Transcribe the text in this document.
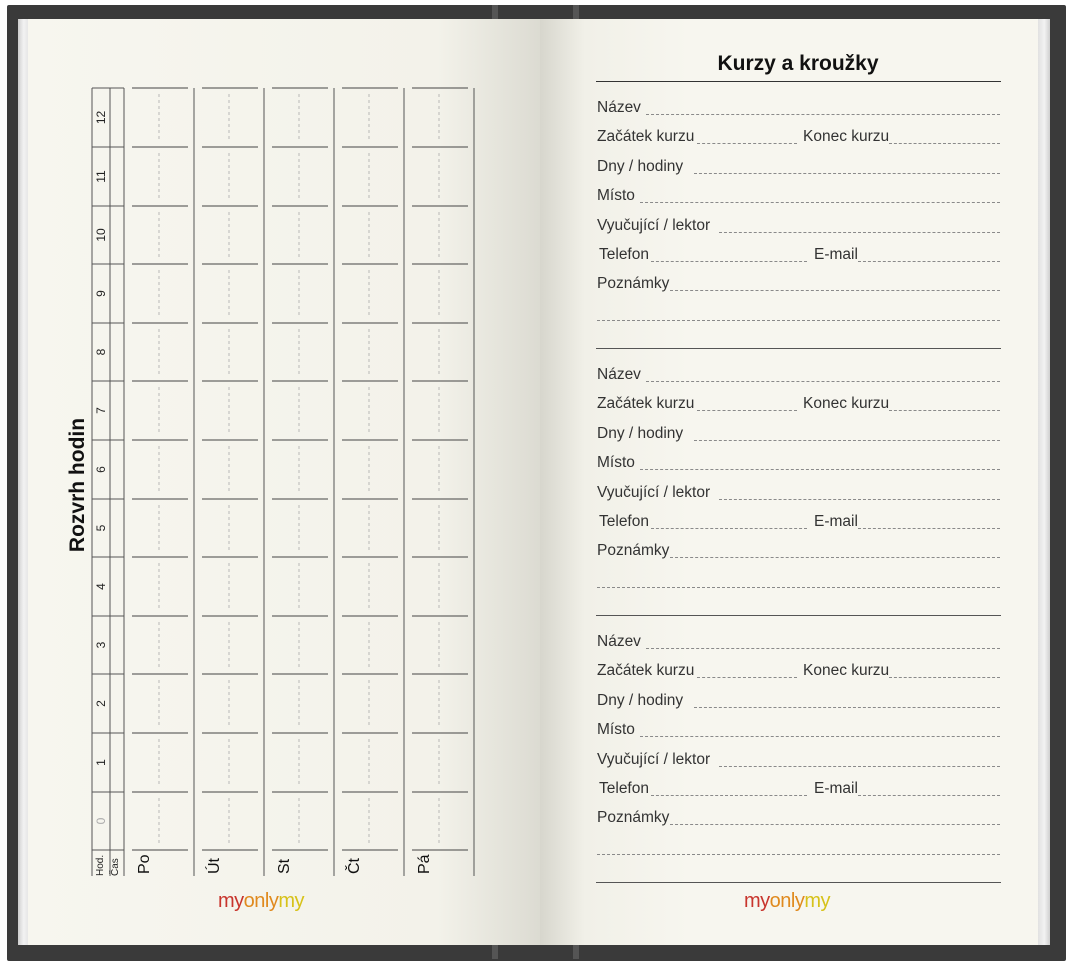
Rozvrh hodin
12
11
10
9
8
7
6
5
4
3
2
1
0
Hod. Čas Po	Út	St	Čt	Pá
myonlymy
Kurzy a kroužky
Název
Začátek kurzu	Konec kurzu
Dny / hodiny
Místo
Vyučující / lektor
Telefon	E-mail
Poznámky
Název
Začátek kurzu	Konec kurzu
Dny / hodiny
Místo
Vyučující / lektor
Telefon	E-mail
Poznámky
Název
Začátek kurzu	Konec kurzu
Dny / hodiny
Místo
Vyučující / lektor
Telefon	E-mail
Poznámky
myonlymy
